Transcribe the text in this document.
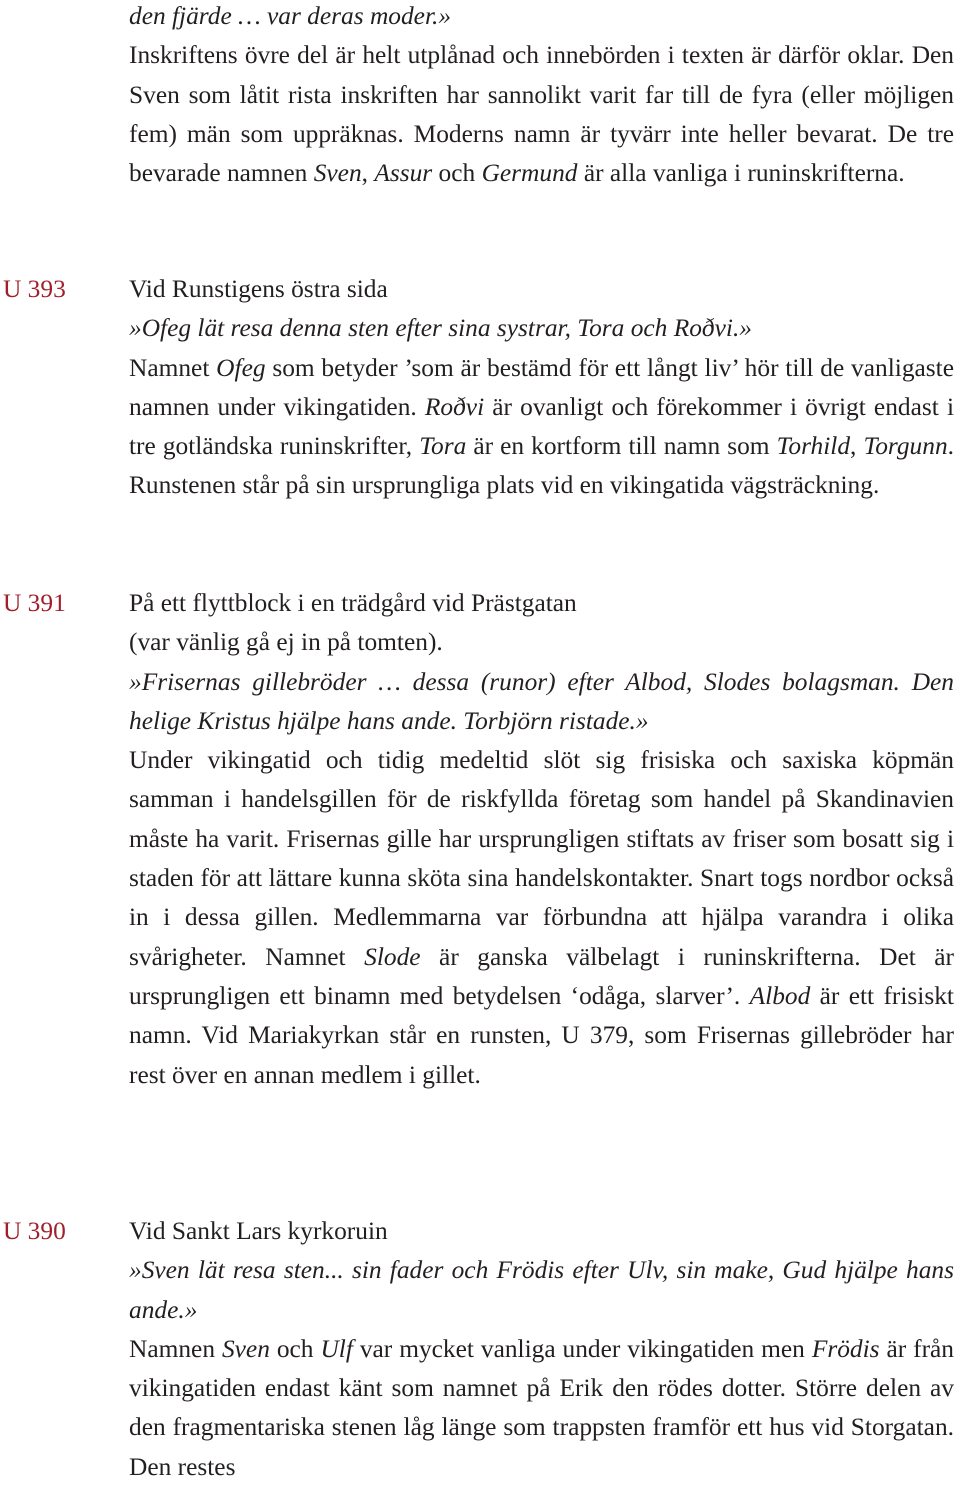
den fjärde … var deras moder.»

Inskriftens övre del är helt utplånad och innebörden i texten är därför oklar. Den Sven som låtit rista inskriften har sannolikt varit far till de fyra (eller möjligen fem) män som uppräknas. Moderns namn är tyvärr inte heller bevarat. De tre bevarade namnen Sven, Assur och Germund är alla vanliga i runinskrifterna.

U 393 Vid Runstigens östra sida

»Ofeg lät resa denna sten efter sina systrar, Tora och Roðvi.»

Namnet Ofeg som betyder ’som är bestämd för ett långt liv’ hör till de vanligaste namnen under vikingatiden. Roðvi är ovanligt och förekommer i övrigt endast i tre gotländska runinskrifter, Tora är en kortform till namn som Torhild, Torgunn. Runstenen står på sin ursprungliga plats vid en vikingatida vägsträckning.

U 391 På ett flyttblock i en trädgård vid Prästgatan

(var vänlig gå ej in på tomten).

»Frisernas gillebröder … dessa (runor) efter Albod, Slodes bolagsman. Den helige Kristus hjälpe hans ande. Torbjörn ristade.»

Under vikingatid och tidig medeltid slöt sig frisiska och saxiska köpmän samman i handelsgillen för de riskfyllda företag som handel på Skandinavien måste ha varit. Frisernas gille har ursprungligen stiftats av friser som bosatt sig i staden för att lättare kunna sköta sina handelskontakter. Snart togs nordbor också in i dessa gillen. Medlemmarna var förbundna att hjälpa varandra i olika svårigheter. Namnet Slode är ganska välbelagt i runinskrifterna. Det är ursprungligen ett binamn med betydelsen ‘odåga, slarver’. Albod är ett frisiskt namn. Vid Mariakyrkan står en runsten, U 379, som Frisernas gillebröder har rest över en annan medlem i gillet.

U 390 Vid Sankt Lars kyrkoruin

»Sven lät resa sten... sin fader och Frödis efter Ulv, sin make, Gud hjälpe hans ande.»

Namnen Sven och Ulf var mycket vanliga under vikingatiden men Frödis är från vikingatiden endast känt som namnet på Erik den rödes dotter. Större delen av den fragmentariska stenen låg länge som trappsten framför ett hus vid Storgatan. Den restes
